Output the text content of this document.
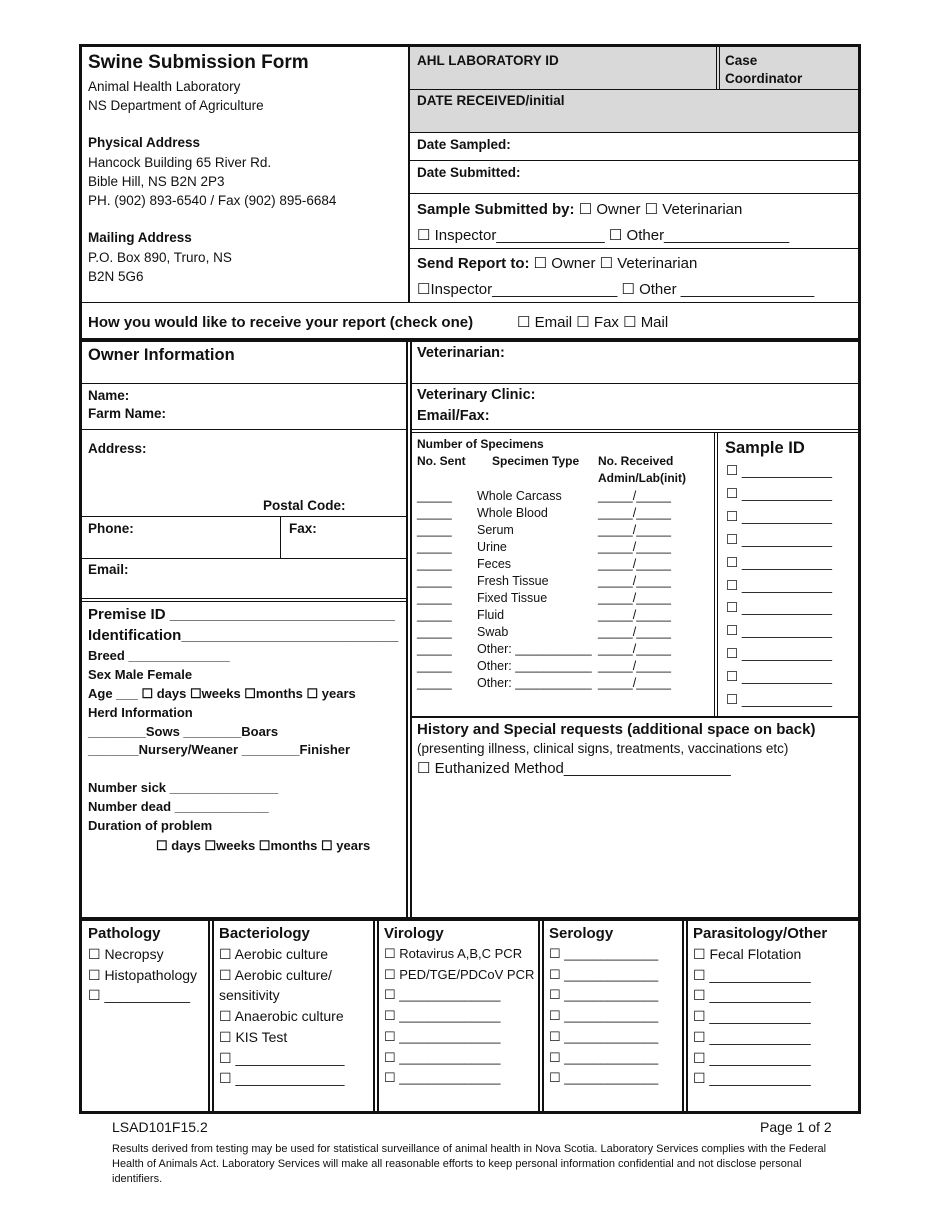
Swine Submission Form
Animal Health Laboratory
NS Department of Agriculture
Physical Address
Hancock Building 65 River Rd.
Bible Hill, NS B2N 2P3
PH. (902) 893-6540 / Fax (902) 895-6684
Mailing Address
P.O. Box 890, Truro, NS
B2N 5G6
AHL LABORATORY ID	Case Coordinator
DATE RECEIVED/initial
Date Sampled:
Date Submitted:
Sample Submitted by: ☐ Owner ☐ Veterinarian
☐ Inspector_____________ ☐ Other_______________
Send Report to: ☐ Owner ☐ Veterinarian
☐Inspector_______________ ☐ Other ________________
How you would like to receive your report (check one)	☐ Email ☐ Fax ☐ Mail
Owner Information
Name:
Farm Name:
Address:
Postal Code:
Phone:	Fax:
Email:
Premise ID ___________________________
Identification__________________________
Breed ______________
Sex Male Female
Age ___ ☐ days ☐weeks ☐months ☐ years
Herd Information
________Sows ________Boars
_______Nursery/Weaner ________Finisher
Number sick _______________
Number dead _____________
Duration of problem
☐ days ☐weeks ☐months ☐ years
Veterinarian:
Veterinary Clinic:
Email/Fax:
Number of Specimens
No. Sent Specimen Type No. Received
Admin/Lab(init)
_____ Whole Carcass	_____/_____
_____ Whole Blood	_____/_____
_____ Serum	_____/_____
_____ Urine	_____/_____
_____ Feces	_____/_____
_____ Fresh Tissue	_____/_____
_____ Fixed Tissue	_____/_____
_____ Fluid	_____/_____
_____ Swab	_____/_____
_____ Other: ___________ _____/_____
_____ Other: ___________ _____/_____
_____ Other: ___________ _____/_____
Sample ID
☐ ____________
☐ ____________
☐ ____________
☐ ____________
☐ ____________
☐ ____________
☐ ____________
☐ ____________
☐ ____________
☐ ____________
☐ ____________
History and Special requests (additional space on back)
(presenting illness, clinical signs, treatments, vaccinations etc)
☐ Euthanized Method____________________
Pathology
☐ Necropsy
☐ Histopathology
☐ ___________
Bacteriology
☐ Aerobic culture
☐ Aerobic culture/
sensitivity
☐ Anaerobic culture
☐ KIS Test
☐ ______________
☐ ______________
Virology
☐ Rotavirus A,B,C PCR
☐ PED/TGE/PDCoV PCR
☐ ______________
☐ ______________
☐ ______________
☐ ______________
☐ ______________
Serology
☐ _____________
☐ _____________
☐ _____________
☐ _____________
☐ _____________
☐ _____________
☐ _____________
Parasitology/Other
☐ Fecal Flotation
☐ _____________
☐ _____________
☐ _____________
☐ _____________
☐ _____________
☐ _____________
LSAD101F15.2	Page 1 of 2
Results derived from testing may be used for statistical surveillance of animal health in Nova Scotia. Laboratory Services complies with the Federal Health of Animals Act. Laboratory Services will make all reasonable efforts to keep personal information confidential and not disclose personal identifiers.
